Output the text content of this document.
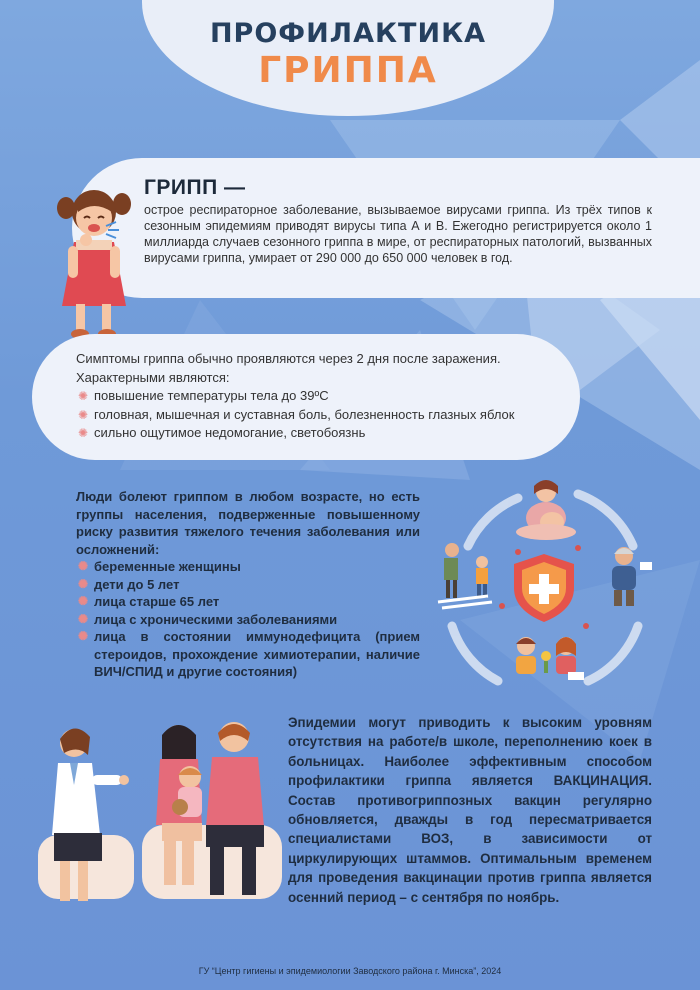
ПРОФИЛАКТИКА
ГРИППА
ГРИПП —
острое респираторное заболевание, вызываемое вирусами гриппа. Из трёх типов к сезонным эпидемиям приводят вирусы типа А и В. Ежегодно регистрируется около 1 миллиарда случаев сезонного гриппа в мире, от респираторных патологий, вызванных вирусами гриппа, умирает от 290 000 до 650 000 человек в год.
Симптомы гриппа обычно проявляются через 2 дня после заражения.
Характерными являются:
✺ повышение температуры тела до 39ºС
✺ головная, мышечная и суставная боль, болезненность глазных яблок
✺ сильно ощутимое недомогание, светобоязнь
Люди болеют гриппом в любом возрасте, но есть группы населения, подверженные повышенному риску развития тяжелого течения заболевания или осложнений:
✺ беременные женщины
✺ дети до 5 лет
✺ лица старше 65 лет
✺ лица с хроническими заболеваниями
✺ лица в состоянии иммунодефицита (прием стероидов, прохождение химиотерапии, наличие ВИЧ/СПИД и другие состояния)
Эпидемии могут приводить к высоким уровням отсутствия на работе/в школе, переполнению коек в больницах. Наиболее эффективным способом профилактики гриппа является ВАКЦИНАЦИЯ. Состав противогриппозных вакцин регулярно обновляется, дважды в год пересматривается специалистами ВОЗ, в зависимости от циркулирующих штаммов. Оптимальным временем для проведения вакцинации против гриппа является осенний период – с сентября по ноябрь.
ГУ “Центр гигиены и эпидемиологии Заводского района г. Минска”, 2024
